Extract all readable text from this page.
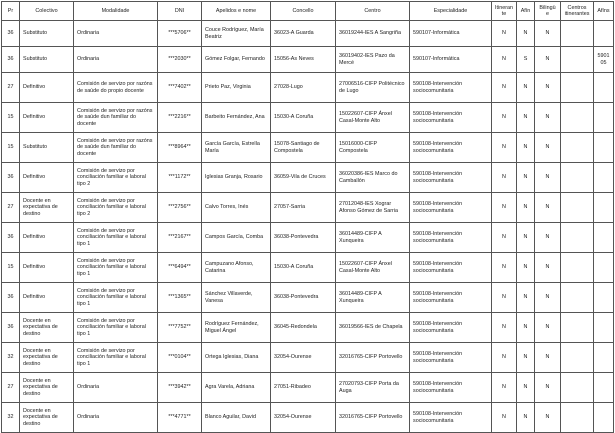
Pr	Colectivo	Modalidade	DNI	Apelidos e nome	Concello	Centro	Especialidade	Itinerante	Afín	Bilingüe	Centros itinerantes	Afíns
36	Substituto	Ordinaria	***5706**	Couce Rodríguez, María Beatriz	36023-A Guarda	36019244-IES A Sangriña	590107-Informática	N	N	N		
36	Substituto	Ordinaria	***2030**	Gómez Folgar, Fernando	15056-As Neves	36019402-IES Pazo da Mercé	590107-Informática	N	S	N		590105
27	Definitivo	Comisión de servizo por razóns de saúde do propio docente	***7402**	Prieto Paz, Virginia	27028-Lugo	27006516-CIFP Politécnico de Lugo	590108-Intervención sociocomunitaria	N	N	N		
15	Definitivo	Comisión de servizo por razóns de saúde dun familiar do docente	***2216**	Barbeito Fernández, Ana	15030-A Coruña	15022607-CIFP Ánxel Casal-Monte Alto	590108-Intervención sociocomunitaria	N	N	N		
15	Substituto	Comisión de servizo por razóns de saúde dun familiar do docente	***8964**	García García, Estrella María	15078-Santiago de Compostela	15016000-CIFP Compostela	590108-Intervención sociocomunitaria	N	N	N		
36	Definitivo	Comisión de servizo por conciliación familiar e laboral tipo 2	***1172**	Iglesias Granja, Rosario	36059-Vila de Cruces	36020386-IES Marco do Camballón	590108-Intervención sociocomunitaria	N	N	N		
27	Docente en expectativa de destino	Comisión de servizo por conciliación familiar e laboral tipo 2	***2756**	Calvo Torres, Inés	27057-Sarria	27012048-IES Xograr Afonso Gómez de Sarria	590108-Intervención sociocomunitaria	N	N	N		
36	Definitivo	Comisión de servizo por conciliación familiar e laboral tipo 1	***2167**	Campos García, Comba	36038-Pontevedra	36014489-CIFP A Xunqueira	590108-Intervención sociocomunitaria	N	N	N		
15	Definitivo	Comisión de servizo por conciliación familiar e laboral tipo 1	***6494**	Campuzano Afonso, Catarina	15030-A Coruña	15022607-CIFP Ánxel Casal-Monte Alto	590108-Intervención sociocomunitaria	N	N	N		
36	Definitivo	Comisión de servizo por conciliación familiar e laboral tipo 1	***1365**	Sánchez Villaverde, Vanesa	36038-Pontevedra	36014489-CIFP A Xunqueira	590108-Intervención sociocomunitaria	N	N	N		
36	Docente en expectativa de destino	Comisión de servizo por conciliación familiar e laboral tipo 1	***7752**	Rodríguez Fernández, Miguel Ángel	36045-Redondela	36019566-IES de Chapela	590108-Intervención sociocomunitaria	N	N	N		
32	Docente en expectativa de destino	Comisión de servizo por conciliación familiar e laboral tipo 1	***0104**	Ortega Iglesias, Diana	32054-Ourense	32016765-CIFP Portovello	590108-Intervención sociocomunitaria	N	N	N		
27	Docente en expectativa de destino	Ordinaria	***3942**	Agra Varela, Adriana	27051-Ribadeo	27020793-CIFP Porta da Auga	590108-Intervención sociocomunitaria	N	N	N		
32	Docente en expectativa de destino	Ordinaria	***4771**	Blanco Aguilar, David	32054-Ourense	32016765-CIFP Portovello	590108-Intervención sociocomunitaria	N	N	N		
